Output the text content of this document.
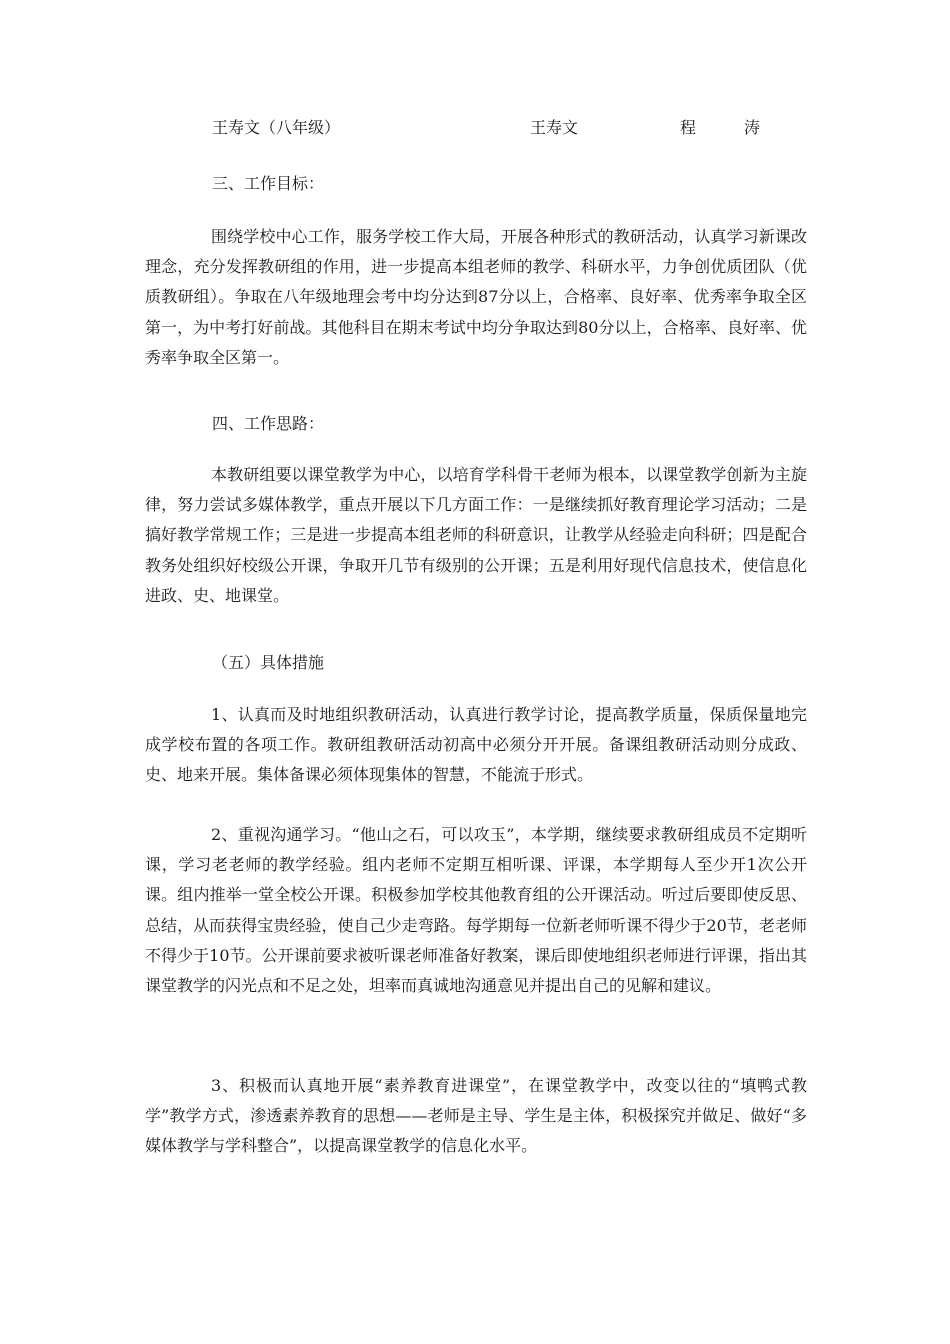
王寿文（八年级）	王寿文	程	涛
三、工作目标：

围绕学校中心工作，服务学校工作大局，开展各种形式的教研活动，认真学习新课改理念，充分发挥教研组的作用，进一步提高本组老师的教学、科研水平，力争创优质团队（优质教研组）。争取在八年级地理会考中均分达到87分以上，合格率、良好率、优秀率争取全区第一，为中考打好前战。其他科目在期末考试中均分争取达到80分以上，合格率、良好率、优秀率争取全区第一。

四、工作思路：

本教研组要以课堂教学为中心，以培育学科骨干老师为根本，以课堂教学创新为主旋律，努力尝试多媒体教学，重点开展以下几方面工作：一是继续抓好教育理论学习活动；二是搞好教学常规工作；三是进一步提高本组老师的科研意识，让教学从经验走向科研；四是配合教务处组织好校级公开课，争取开几节有级别的公开课；五是利用好现代信息技术，使信息化进政、史、地课堂。

（五）具体措施

1、认真而及时地组织教研活动，认真进行教学讨论，提高教学质量，保质保量地完成学校布置的各项工作。教研组教研活动初高中必须分开开展。备课组教研活动则分成政、史、地来开展。集体备课必须体现集体的智慧，不能流于形式。

2、重视沟通学习。“他山之石，可以攻玉”，本学期，继续要求教研组成员不定期听课，学习老老师的教学经验。组内老师不定期互相听课、评课，本学期每人至少开1次公开课。组内推举一堂全校公开课。积极参加学校其他教育组的公开课活动。听过后要即使反思、总结，从而获得宝贵经验，使自己少走弯路。每学期每一位新老师听课不得少于20节，老老师不得少于10节。公开课前要求被听课老师准备好教案，课后即使地组织老师进行评课，指出其课堂教学的闪光点和不足之处，坦率而真诚地沟通意见并提出自己的见解和建议。

3、积极而认真地开展“素养教育进课堂”，在课堂教学中，改变以往的“填鸭式教学”教学方式，渗透素养教育的思想——老师是主导、学生是主体，积极探究并做足、做好“多媒体教学与学科整合”，以提高课堂教学的信息化水平。
